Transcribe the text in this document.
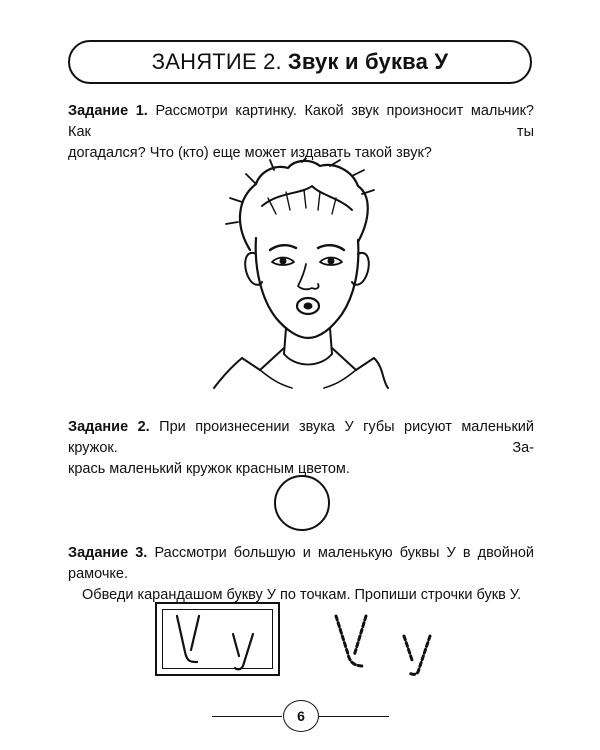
ЗАНЯТИЕ 2. Звук и буква У
Задание 1. Рассмотри картинку. Какой звук произносит мальчик? Как ты
догадался? Что (кто) еще может издавать такой звук?
Задание 2. При произнесении звука У губы рисуют маленький кружок. За-
крась маленький кружок красным цветом.
Задание 3. Рассмотри большую и маленькую буквы У в двойной рамочке.
Обведи карандашом букву У по точкам. Пропиши строчки букв У.
6
